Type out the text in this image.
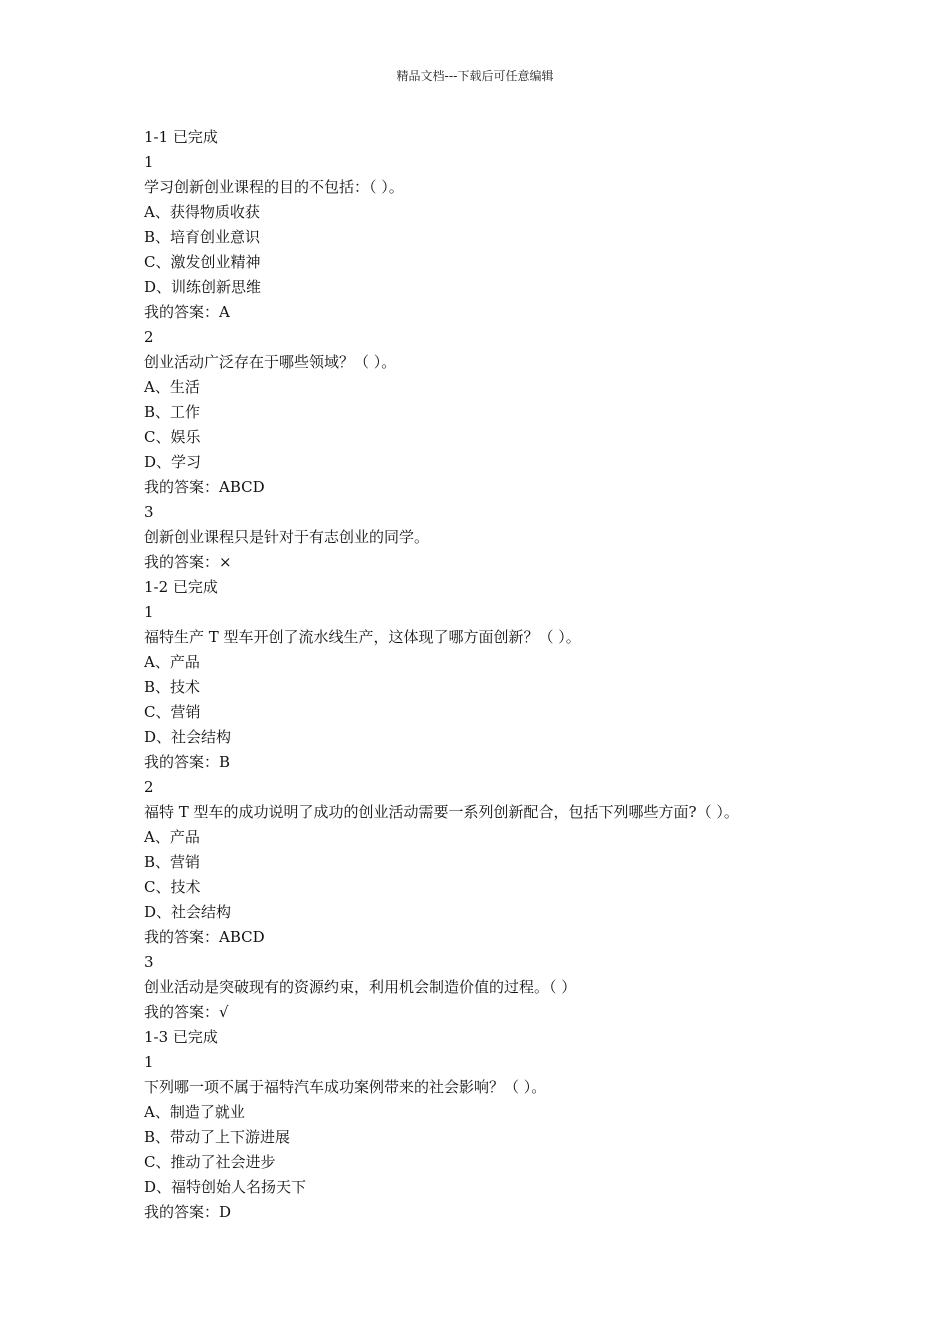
精品文档---下载后可任意编辑
1-1 已完成
1
学习创新创业课程的目的不包括：（ ）。
A、获得物质收获
B、培育创业意识
C、激发创业精神
D、训练创新思维
我的答案：A
2
创业活动广泛存在于哪些领域？（ ）。
A、生活
B、工作
C、娱乐
D、学习
我的答案：ABCD
3
创新创业课程只是针对于有志创业的同学。
我的答案：×
1-2 已完成
1
福特生产 T 型车开创了流水线生产，这体现了哪方面创新？（ ）。
A、产品
B、技术
C、营销
D、社会结构
我的答案：B
2
福特 T 型车的成功说明了成功的创业活动需要一系列创新配合，包括下列哪些方面?（ ）。
A、产品
B、营销
C、技术
D、社会结构
我的答案：ABCD
3
创业活动是突破现有的资源约束，利用机会制造价值的过程。（ ）
我的答案：√
1-3 已完成
1
下列哪一项不属于福特汽车成功案例带来的社会影响？（ ）。
A、制造了就业
B、带动了上下游进展
C、推动了社会进步
D、福特创始人名扬天下
我的答案：D
